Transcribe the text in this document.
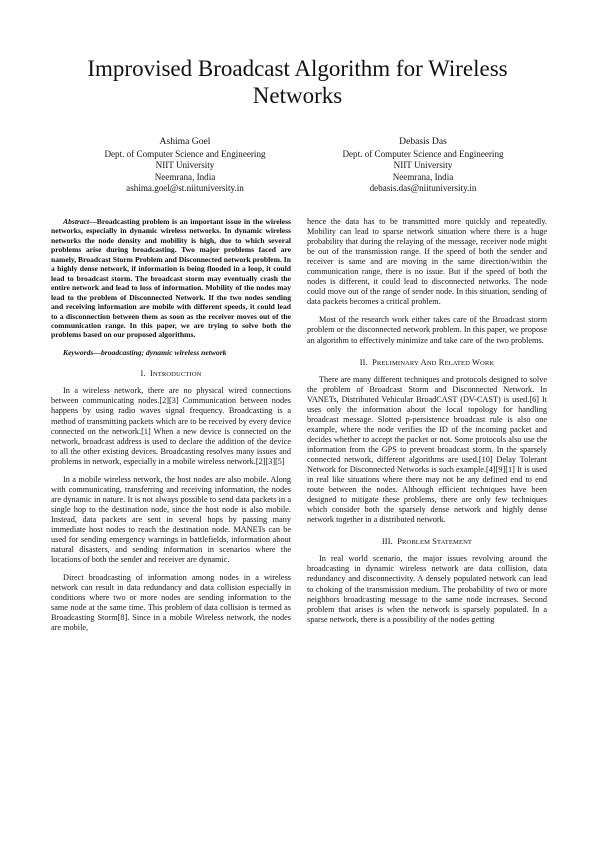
Improvised Broadcast Algorithm for Wireless Networks
Ashima Goel
Dept. of Computer Science and Engineering
NIIT University
Neemrana, India
ashima.goel@st.niituniversity.in
Debasis Das
Dept. of Computer Science and Engineering
NIIT University
Neemrana, India
debasis.das@niituniversity.in

Abstract—Broadcasting problem is an important issue in the wireless networks, especially in dynamic wireless networks. In dynamic wireless networks the node density and mobility is high, due to which several problems arise during broadcasting. Two major problems faced are namely, Broadcast Storm Problem and Disconnected network problem. In a highly dense network, if information is being flooded in a loop, it could lead to broadcast storm. The broadcast storm may eventually crash the entire network and lead to loss of information. Mobility of the nodes may lead to the problem of Disconnected Network. If the two nodes sending and receiving information are mobile with different speeds, it could lead to a disconnection between them as soon as the receiver moves out of the communication range. In this paper, we are trying to solve both the problems based on our proposed algorithms.

Keywords—broadcasting; dynamic wireless network

I. INTRODUCTION

In a wireless network, there are no physical wired connections between communicating nodes.[2][3] Communication between nodes happens by using radio waves signal frequency. Broadcasting is a method of transmitting packets which are to be received by every device connected on the network.[1] When a new device is connected on the network, broadcast address is used to declare the addition of the device to all the other existing devices. Broadcasting resolves many issues and problems in network, especially in a mobile wireless network.[2][3][5]

In a mobile wireless network, the host nodes are also mobile. Along with communicating, transferring and receiving information, the nodes are dynamic in nature. It is not always possible to send data packets in a single hop to the destination node, since the host node is also mobile. Instead, data packets are sent in several hops by passing many immediate host nodes to reach the destination node. MANETs can be used for sending emergency warnings in battlefields, information about natural disasters, and sending information in scenarios where the locations of both the sender and receiver are dynamic.

Direct broadcasting of information among nodes in a wireless network can result in data redundancy and data collision especially in conditions where two or more nodes are sending information to the same node at the same time. This problem of data collision is termed as Broadcasting Storm[8]. Since in a mobile Wireless network, the nodes are mobile,

hence the data has to be transmitted more quickly and repeatedly. Mobility can lead to sparse network situation where there is a huge probability that during the relaying of the message, receiver node might be out of the transmission range. If the speed of both the sender and receiver is same and are moving in the same direction/within the communication range, there is no issue. But if the speed of both the nodes is different, it could lead to disconnected networks. The node could move out of the range of sender node. In this situation, sending of data packets becomes a critical problem.

Most of the research work either takes care of the Broadcast storm problem or the disconnected network problem. In this paper, we propose an algorithm to effectively minimize and take care of the two problems.

II. PRELIMINARY AND RELATED WORK

There are many different techniques and protocols designed to solve the problem of Broadcast Storm and Disconnected Network. In VANETs, Distributed Vehicular BroadCAST (DV-CAST) is used.[6] It uses only the information about the local topology for handling broadcast message. Slotted p-persistence broadcast rule is also one example, where the node verifies the ID of the incoming packet and decides whether to accept the packet or not. Some protocols also use the information from the GPS to prevent broadcast storm. In the sparsely connected network, different algorithms are used.[10] Delay Tolerant Network for Disconnected Networks is such example.[4][9][1] It is used in real like situations where there may not be any defined end to end route between the nodes. Although efficient techniques have been designed to mitigate these problems, there are only few techniques which consider both the sparsely dense network and highly dense network together in a distributed network.

III. PROBLEM STATEMENT

In real world scenario, the major issues revolving around the broadcasting in dynamic wireless network are data collision, data redundancy and disconnectivity. A densely populated network can lead to choking of the transmission medium. The probability of two or more neighbors broadcasting message to the same node increases. Second problem that arises is when the network is sparsely populated. In a sparse network, there is a possibility of the nodes getting
